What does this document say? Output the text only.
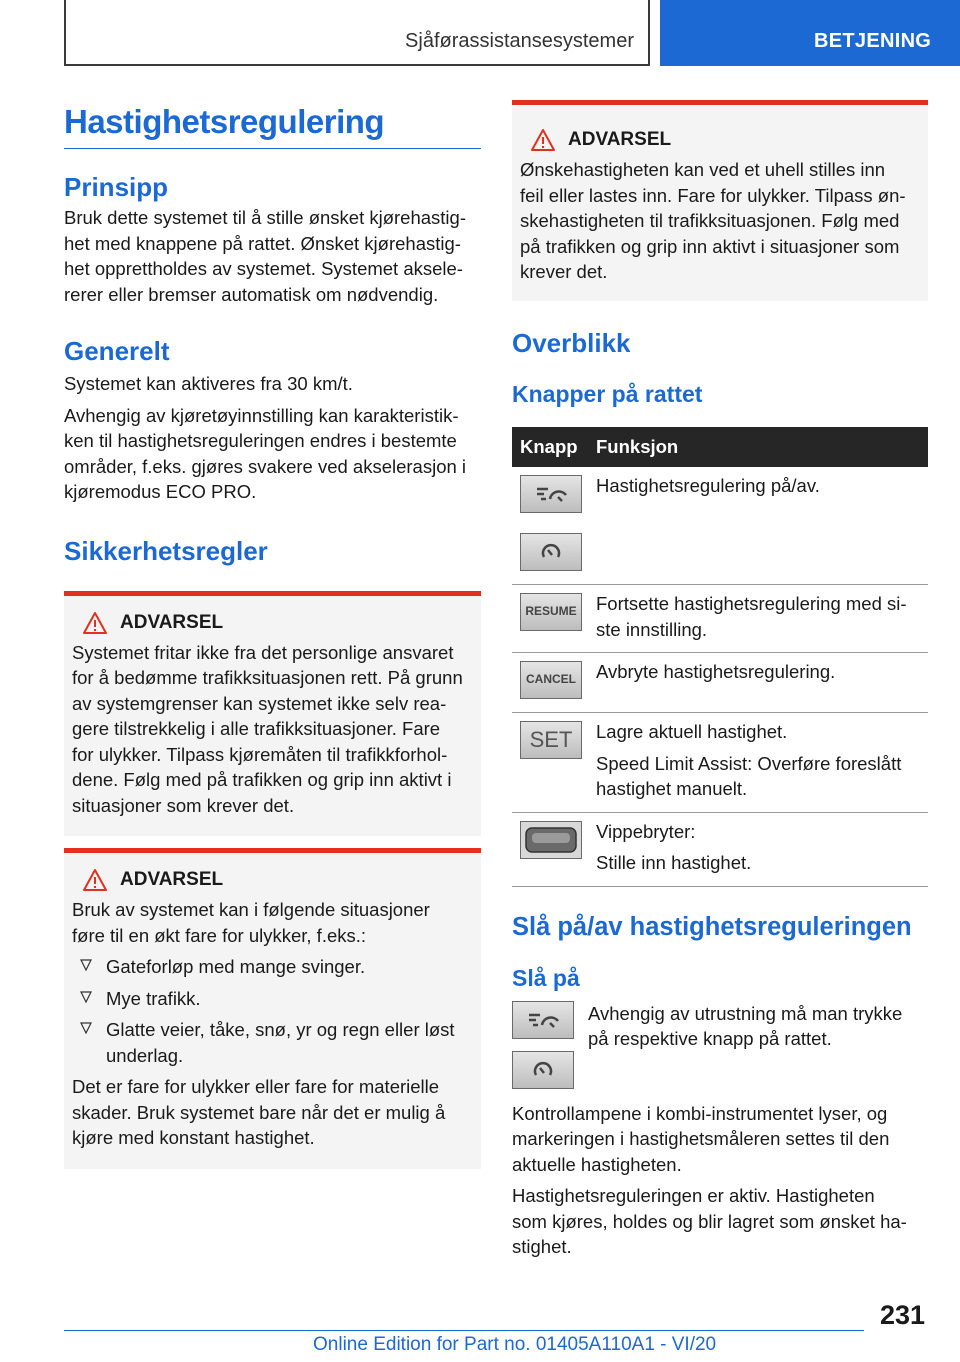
Sjåførassistansesystemer	BETJENING
Hastighetsregulering
Prinsipp

Bruk dette systemet til å stille ønsket kjørehastig-
het med knappene på rattet. Ønsket kjørehastig-
het opprettholdes av systemet. Systemet aksele-
rerer eller bremser automatisk om nødvendig.

Generelt

Systemet kan aktiveres fra 30 km/t.

Avhengig av kjøretøyinnstilling kan karakteristik-
ken til hastighetsreguleringen endres i bestemte
områder, f.eks. gjøres svakere ved akselerasjon i
kjøremodus ECO PRO.

Sikkerhetsregler
ADVARSEL

Systemet fritar ikke fra det personlige ansvaret
for å bedømme trafikksituasjonen rett. På grunn
av systemgrenser kan systemet ikke selv rea-
gere tilstrekkelig i alle trafikksituasjoner. Fare
for ulykker. Tilpass kjøremåten til trafikkforhol-
dene. Følg med på trafikken og grip inn aktivt i
situasjoner som krever det.

ADVARSEL

Bruk av systemet kan i følgende situasjoner
føre til en økt fare for ulykker, f.eks.:

Gateforløp med mange svinger.
Mye trafikk.
Glatte veier, tåke, snø, yr og regn eller løst
underlag.

Det er fare for ulykker eller fare for materielle
skader. Bruk systemet bare når det er mulig å
kjøre med konstant hastighet.

ADVARSEL

Ønskehastigheten kan ved et uhell stilles inn
feil eller lastes inn. Fare for ulykker. Tilpass øn-
skehastigheten til trafikksituasjonen. Følg med
på trafikken og grip inn aktivt i situasjoner som
krever det.

Overblikk
Knapper på rattet
Knapp	Funksjon

	Hastighetsregulering på/av.

RESUME	Fortsette hastighetsregulering med si-
ste innstilling.

CANCEL	Avbryte hastighetsregulering.

SET	Lagre aktuell hastighet.
Speed Limit Assist: Overføre foreslått
hastighet manuelt.

	Vippebryter:
Stille inn hastighet.
Slå på/av hastighetsreguleringen
Slå på

Avhengig av utrustning må man trykke
på respektive knapp på rattet.

Kontrollampene i kombi-instrumentet lyser, og
markeringen i hastighetsmåleren settes til den
aktuelle hastigheten.

Hastighetsreguleringen er aktiv. Hastigheten
som kjøres, holdes og blir lagret som ønsket ha-
stighet.

231
Online Edition for Part no. 01405A110A1 - VI/20
